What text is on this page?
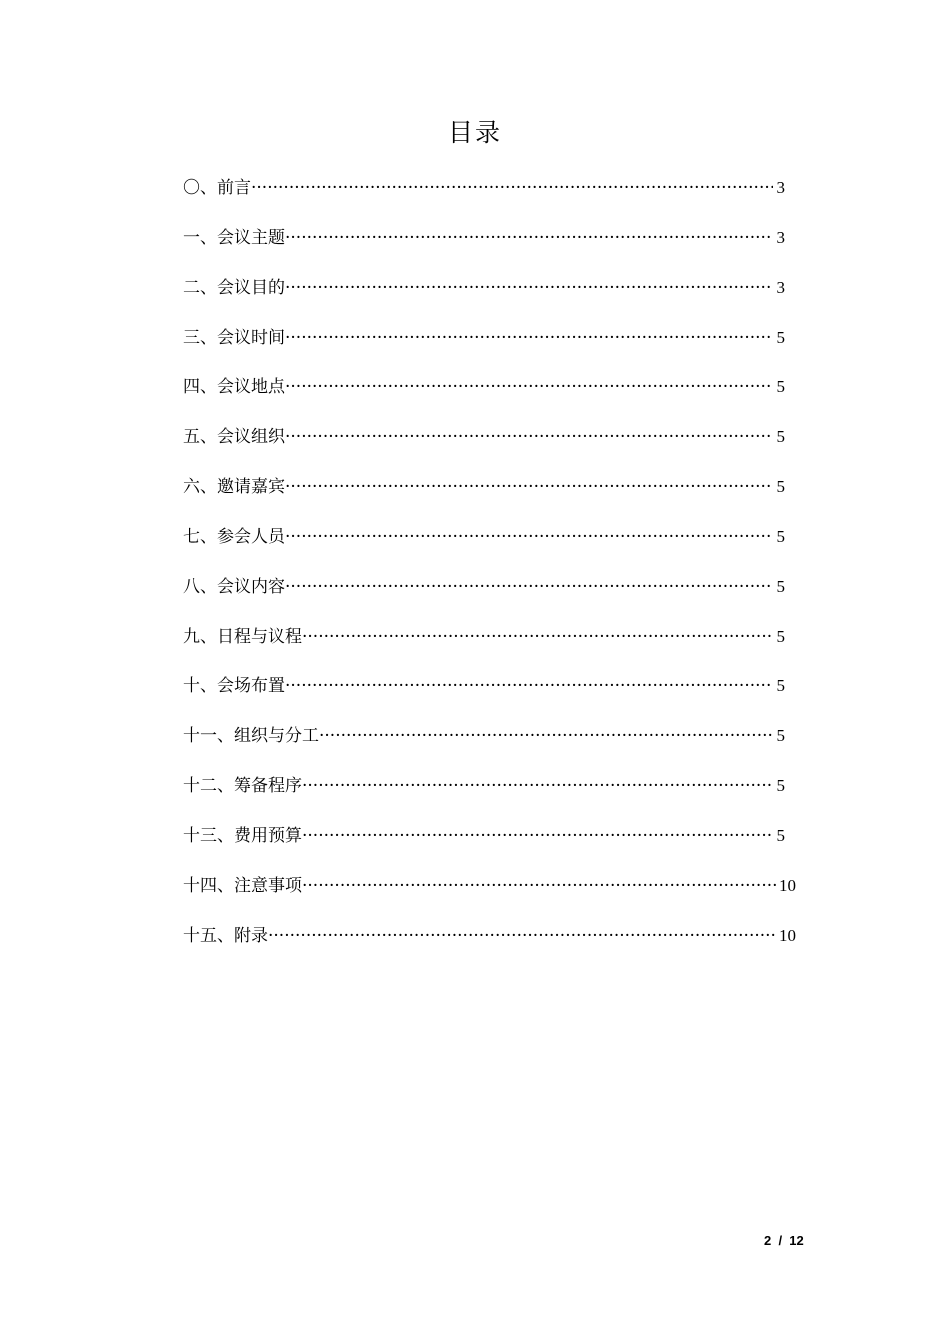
目录
〇、前言 ·····	3
一、会议主题 ·····	3
二、会议目的 ·····	3
三、会议时间 ·····	5
四、会议地点 ·····	5
五、会议组织 ·····	5
六、邀请嘉宾 ·····	5
七、参会人员 ·····	5
八、会议内容 ·····	5
九、日程与议程 ·····	5
十、会场布置 ·····	5
十一、组织与分工 ·····	5
十二、筹备程序 ·····	5
十三、费用预算 ·····	5
十四、注意事项 ·····	10
十五、附录 ·····	10
2  /  12
